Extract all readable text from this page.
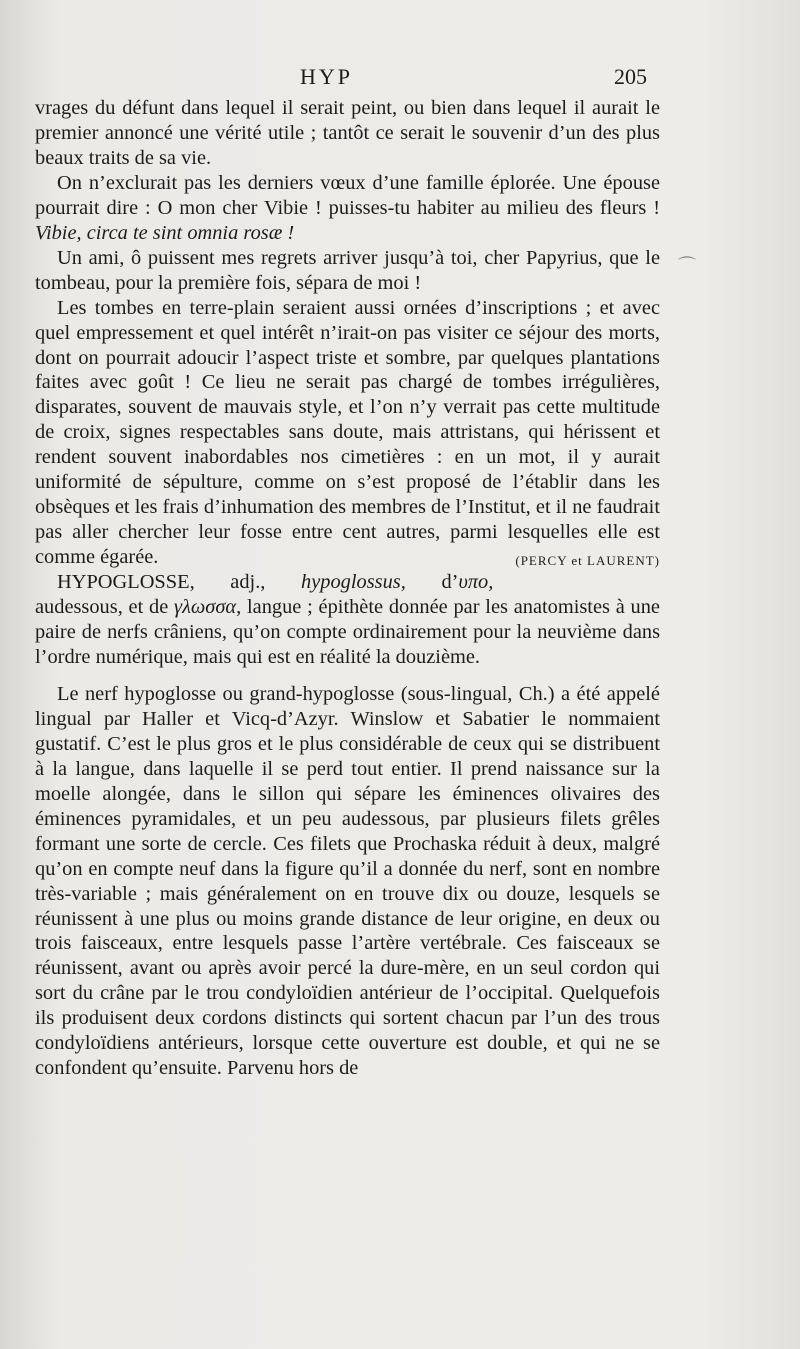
HYP	205

vrages du défunt dans lequel il serait peint, ou bien dans lequel il aurait le premier annoncé une vérité utile ; tantôt ce serait le souvenir d’un des plus beaux traits de sa vie.

On n’exclurait pas les derniers vœux d’une famille éplorée. Une épouse pourrait dire : O mon cher Vibie ! puisses-tu habiter au milieu des fleurs ! Vibie, circa te sint omnia rosæ !

Un ami, ô puissent mes regrets arriver jusqu’à toi, cher Papyrius, que le tombeau, pour la première fois, sépara de moi !

Les tombes en terre-plain seraient aussi ornées d’inscriptions ; et avec quel empressement et quel intérêt n’irait-on pas visiter ce séjour des morts, dont on pourrait adoucir l’aspect triste et sombre, par quelques plantations faites avec goût ! Ce lieu ne serait pas chargé de tombes irrégulières, disparates, souvent de mauvais style, et l’on n’y verrait pas cette multitude de croix, signes respectables sans doute, mais attristans, qui hérissent et rendent souvent inabordables nos cimetières : en un mot, il y aurait uniformité de sépulture, comme on s’est proposé de l’établir dans les obsèques et les frais d’inhumation des membres de l’Institut, et il ne faudrait pas aller chercher leur fosse entre cent autres, parmi lesquelles elle est comme égarée.	(PERCY et LAURENT)

HYPOGLOSSE, adj., hypoglossus, d’υπο, audessous, et de γλωσσα, langue ; épithète donnée par les anatomistes à une paire de nerfs crâniens, qu’on compte ordinairement pour la neuvième dans l’ordre numérique, mais qui est en réalité la douzième.

Le nerf hypoglosse ou grand-hypoglosse (sous-lingual, Ch.) a été appelé lingual par Haller et Vicq-d’Azyr. Winslow et Sabatier le nommaient gustatif. C’est le plus gros et le plus considérable de ceux qui se distribuent à la langue, dans laquelle il se perd tout entier. Il prend naissance sur la moelle alongée, dans le sillon qui sépare les éminences olivaires des éminences pyramidales, et un peu audessous, par plusieurs filets grêles formant une sorte de cercle. Ces filets que Prochaska réduit à deux, malgré qu’on en compte neuf dans la figure qu’il a donnée du nerf, sont en nombre très-variable ; mais généralement on en trouve dix ou douze, lesquels se réunissent à une plus ou moins grande distance de leur origine, en deux ou trois faisceaux, entre lesquels passe l’artère vertébrale. Ces faisceaux se réunissent, avant ou après avoir percé la dure-mère, en un seul cordon qui sort du crâne par le trou condyloïdien antérieur de l’occipital. Quelquefois ils produisent deux cordons distincts qui sortent chacun par l’un des trous condyloïdiens antérieurs, lorsque cette ouverture est double, et qui ne se confondent qu’ensuite. Parvenu hors de

⌒
